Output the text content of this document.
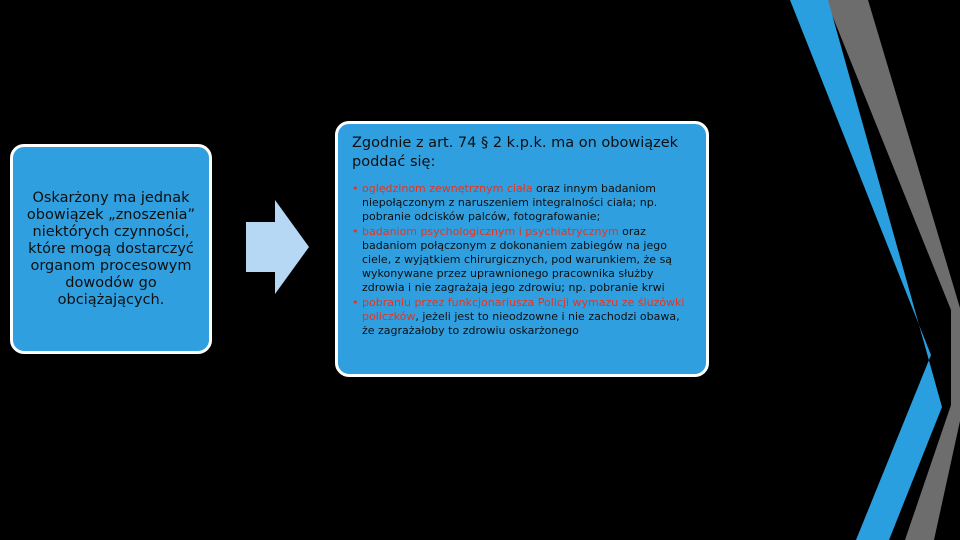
Oskarżony ma jednak obowiązek „znoszenia” niektórych czynności, które mogą dostarczyć organom procesowym dowodów go obciążających.
Zgodnie z art. 74 § 2 k.p.k. ma on obowiązek poddać się:
• oględzinom zewnętrznym ciała oraz innym badaniom niepołączonym z naruszeniem integralności ciała; np. pobranie odcisków palców, fotografowanie;
• badaniom psychologicznym i psychiatrycznym oraz badaniom połączonym z dokonaniem zabiegów na jego ciele, z wyjątkiem chirurgicznych, pod warunkiem, że są wykonywane przez uprawnionego pracownika służby zdrowia i nie zagrażają jego zdrowiu; np. pobranie krwi
• pobraniu przez funkcjonariusza Policji wymazu ze śluzówki policzków, jeżeli jest to nieodzowne i nie zachodzi obawa, że zagrażałoby to zdrowiu oskarżonego
